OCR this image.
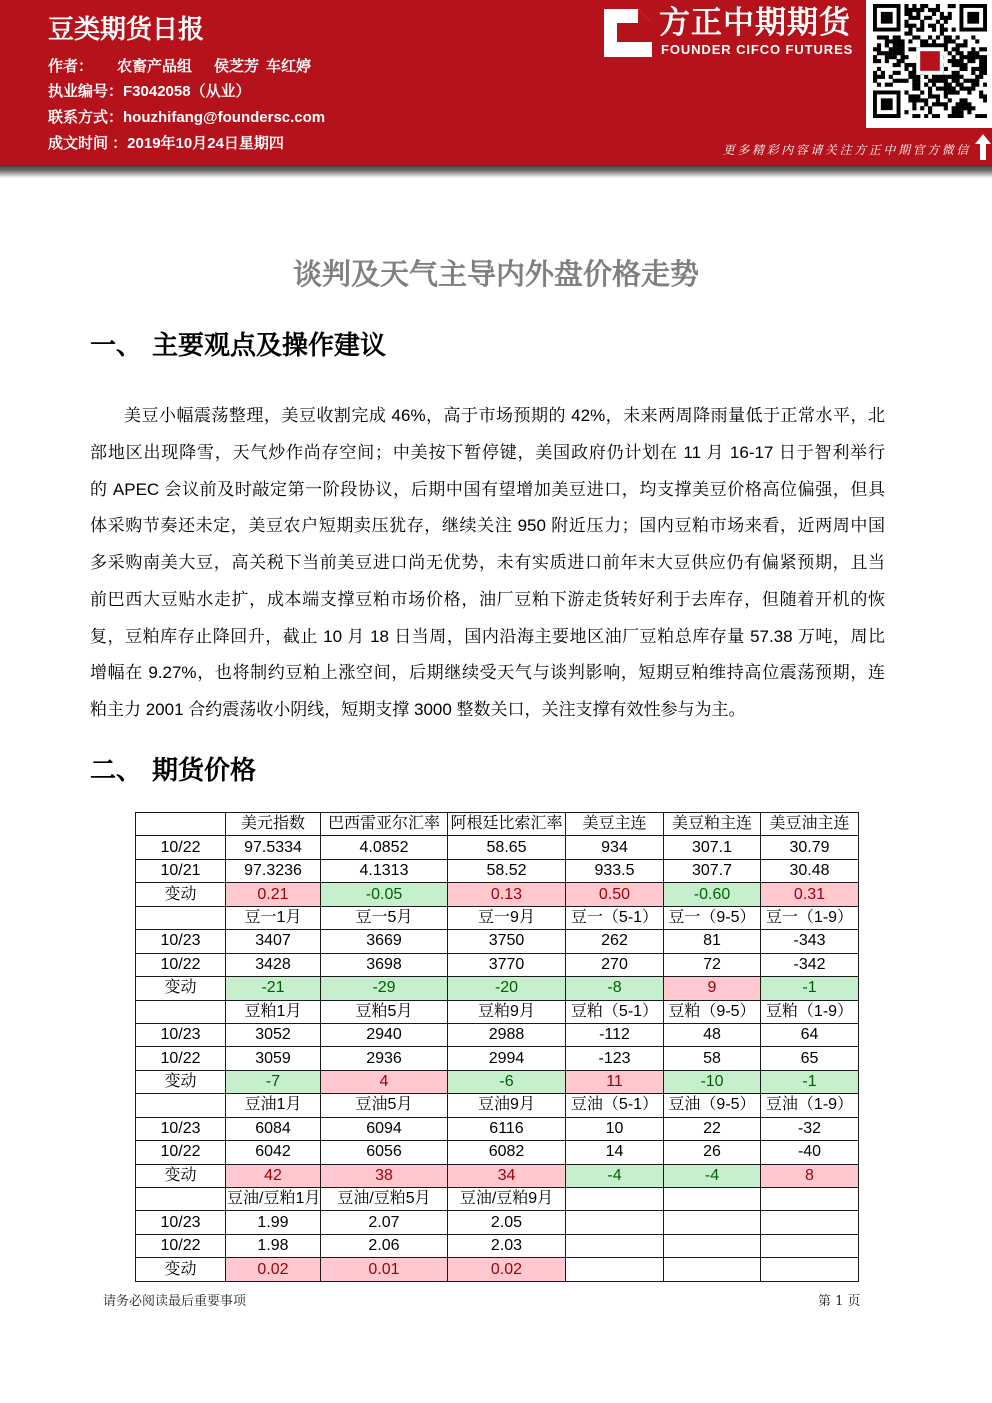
豆类期货日报
作者： 农畜产品组 侯芝芳 车红婷
执业编号：F3042058（从业）
联系方式：houzhifang@foundersc.com
成文时间 ：2019年10月24日星期四
方正中期期货
FOUNDER CIFCO FUTURES
更多精彩内容请关注方正中期官方微信
谈判及天气主导内外盘价格走势
一、 主要观点及操作建议
美豆小幅震荡整理，美豆收割完成 46%，高于市场预期的 42%，未来两周降雨量低于正常水平，北
部地区出现降雪，天气炒作尚存空间；中美按下暂停键，美国政府仍计划在 11 月 16-17 日于智利举行
的 APEC 会议前及时敲定第一阶段协议，后期中国有望增加美豆进口，均支撑美豆价格高位偏强，但具
体采购节奏还未定，美豆农户短期卖压犹存，继续关注 950 附近压力；国内豆粕市场来看，近两周中国
多采购南美大豆，高关税下当前美豆进口尚无优势，未有实质进口前年末大豆供应仍有偏紧预期，且当
前巴西大豆贴水走扩，成本端支撑豆粕市场价格，油厂豆粕下游走货转好利于去库存，但随着开机的恢
复，豆粕库存止降回升，截止 10 月 18 日当周，国内沿海主要地区油厂豆粕总库存量 57.38 万吨，周比
增幅在 9.27%，也将制约豆粕上涨空间，后期继续受天气与谈判影响，短期豆粕维持高位震荡预期，连
粕主力 2001 合约震荡收小阴线，短期支撑 3000 整数关口，关注支撑有效性参与为主。
二、 期货价格
	美元指数	巴西雷亚尔汇率	阿根廷比索汇率	美豆主连	美豆粕主连	美豆油主连
10/22	97.5334	4.0852	58.65	934	307.1	30.79
10/21	97.3236	4.1313	58.52	933.5	307.7	30.48
变动	0.21	-0.05	0.13	0.50	-0.60	0.31
	豆一1月	豆一5月	豆一9月	豆一（5-1）	豆一（9-5）	豆一（1-9）
10/23	3407	3669	3750	262	81	-343
10/22	3428	3698	3770	270	72	-342
变动	-21	-29	-20	-8	9	-1
	豆粕1月	豆粕5月	豆粕9月	豆粕（5-1）	豆粕（9-5）	豆粕（1-9）
10/23	3052	2940	2988	-112	48	64
10/22	3059	2936	2994	-123	58	65
变动	-7	4	-6	11	-10	-1
	豆油1月	豆油5月	豆油9月	豆油（5-1）	豆油（9-5）	豆油（1-9）
10/23	6084	6094	6116	10	22	-32
10/22	6042	6056	6082	14	26	-40
变动	42	38	34	-4	-4	8
	豆油/豆粕1月	豆油/豆粕5月	豆油/豆粕9月			
10/23	1.99	2.07	2.05			
10/22	1.98	2.06	2.03			
变动	0.02	0.01	0.02			
请务必阅读最后重要事项	第 1 页
